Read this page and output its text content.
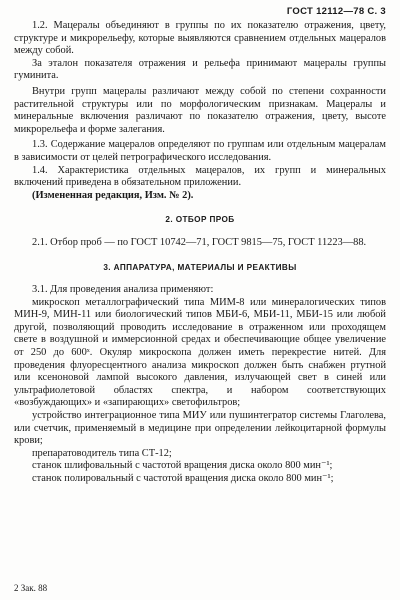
ГОСТ 12112—78 С. 3

1.2. Мацералы объединяют в группы по их показателю отражения, цвету, структуре и микрорельефу, которые выявляются сравнением отдельных мацералов между собой.

За эталон показателя отражения и рельефа принимают мацералы группы гуминита.

Внутри групп мацералы различают между собой по степени сохранности растительной структуры или по морфологическим признакам. Мацералы и минеральные включения различают по показателю отражения, цвету, высоте микрорельефа и форме залегания.

1.3. Содержание мацералов определяют по группам или отдельным мацералам в зависимости от целей петрографического исследования.

1.4. Характеристика отдельных мацералов, их групп и минеральных включений приведена в обязательном приложении.

(Измененная редакция, Изм. № 2).

2. ОТБОР ПРОБ

2.1. Отбор проб — по ГОСТ 10742—71, ГОСТ 9815—75, ГОСТ 11223—88.

3. АППАРАТУРА, МАТЕРИАЛЫ И РЕАКТИВЫ

3.1. Для проведения анализа применяют:

микроскоп металлографический типа МИМ-8 или минералогических типов МИН-9, МИН-11 или биологический типов МБИ-6, МБИ-11, МБИ-15 или любой другой, позволяющий проводить исследование в отраженном или проходящем свете в воздушной и иммерсионной средах и обеспечивающие общее увеличение от 250 до 600ˣ. Окуляр микроскопа должен иметь перекрестие нитей. Для проведения флуоресцентного анализа микроскоп должен быть снабжен ртутной или ксеноновой лампой высокого давления, излучающей свет в синей или ультрафиолетовой областях спектра, и набором соответствующих «возбуждающих» и «запирающих» светофильтров;

устройство интеграционное типа МИУ или пушинтегратор системы Глаголева, или счетчик, применяемый в медицине при определении лейкоцитарной формулы крови;

препаратоводитель типа СТ-12;

станок шлифовальный с частотой вращения диска около 800 мин⁻¹;

станок полировальный с частотой вращения диска около 800 мин⁻¹;

2 Зак. 88
